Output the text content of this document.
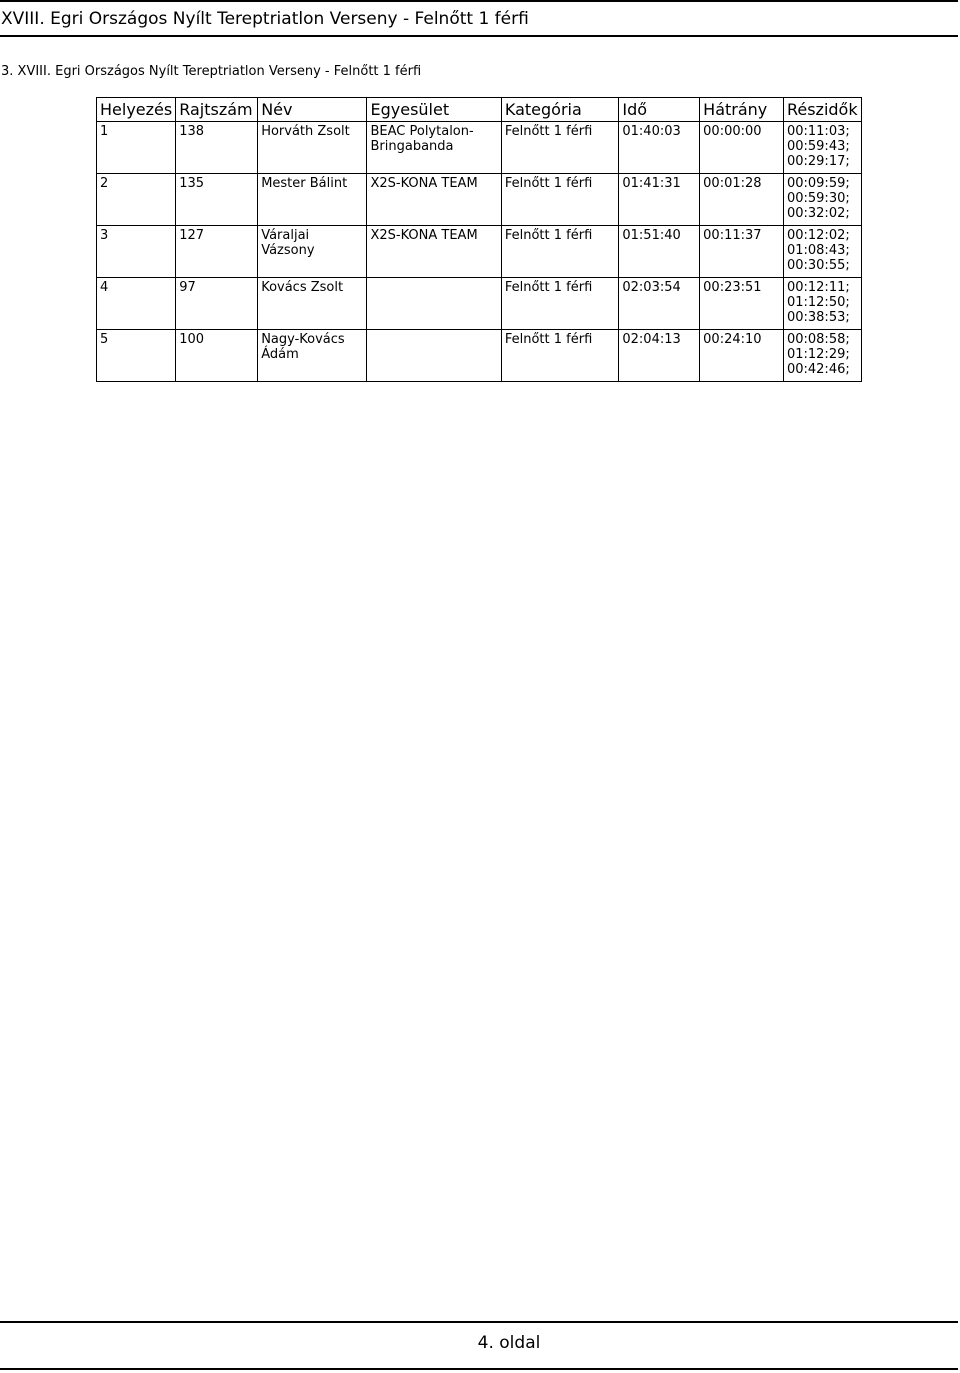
XVIII. Egri Országos Nyílt Tereptriatlon Verseny - Felnőtt 1 férfi
3. XVIII. Egri Országos Nyílt Tereptriatlon Verseny - Felnőtt 1 férfi
Helyezés	Rajtszám	Név	Egyesület	Kategória	Idő	Hátrány	Részidők
1	138	Horváth Zsolt	BEAC Polytalon-Bringabanda	Felnőtt 1 férfi	01:40:03	00:00:00	00:11:03;
00:59:43;
00:29:17;

2	135	Mester Bálint	X2S-KONA TEAM	Felnőtt 1 férfi	01:41:31	00:01:28	00:09:59;
00:59:30;
00:32:02;

3	127	Váraljai Vázsony	X2S-KONA TEAM	Felnőtt 1 férfi	01:51:40	00:11:37	00:12:02;
01:08:43;
00:30:55;

4	97	Kovács Zsolt		Felnőtt 1 férfi	02:03:54	00:23:51	00:12:11;
01:12:50;
00:38:53;

5	100	Nagy-Kovács Ádám		Felnőtt 1 férfi	02:04:13	00:24:10	00:08:58;
01:12:29;
00:42:46;
4. oldal
